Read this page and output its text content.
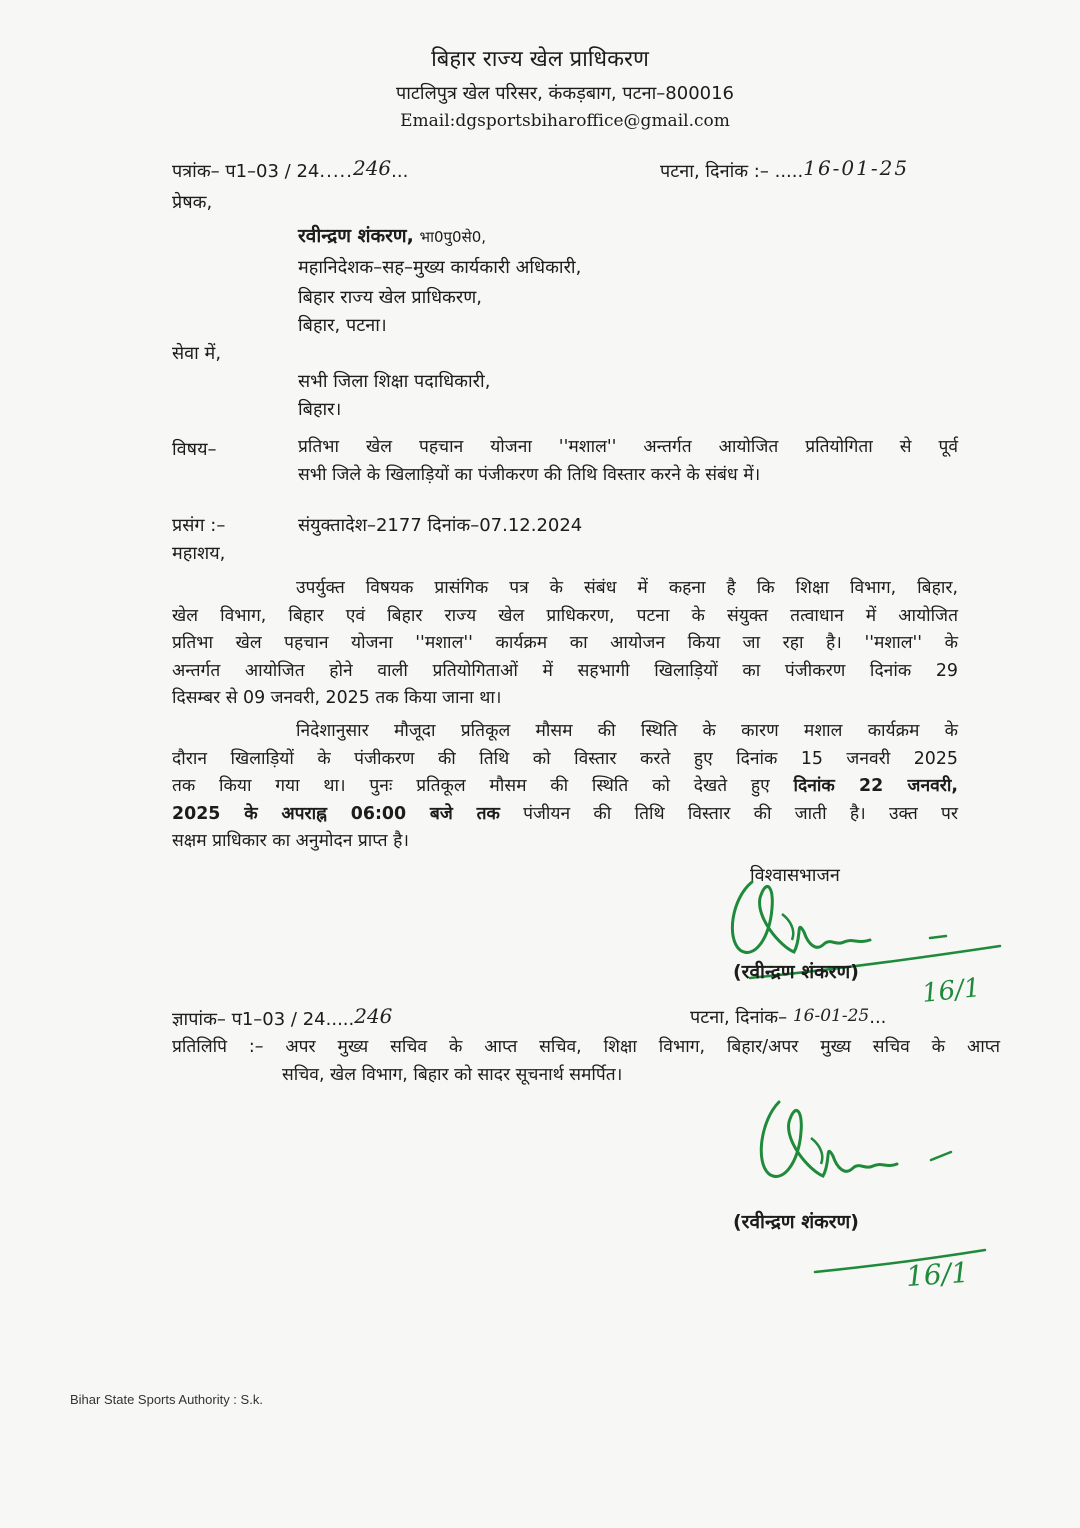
बिहार राज्य खेल प्राधिकरण
पाटलिपुत्र खेल परिसर, कंकड़बाग, पटना–800016
Email:dgsportsbiharoffice@gmail.com
पत्रांक– प1–03 / 24.....246...	पटना, दिनांक :– .....16-01-25
प्रेषक,
रवीन्द्रण शंकरण, भा0पु0से0,
महानिदेशक–सह–मुख्य कार्यकारी अधिकारी,
बिहार राज्य खेल प्राधिकरण,
बिहार, पटना।
सेवा में,
सभी जिला शिक्षा पदाधिकारी,
बिहार।
विषय–	प्रतिभा खेल पहचान योजना ''मशाल'' अन्तर्गत आयोजित प्रतियोगिता से पूर्व
सभी जिले के खिलाड़ियों का पंजीकरण की तिथि विस्तार करने के संबंध में।
प्रसंग :–	संयुक्तादेश–2177 दिनांक–07.12.2024
महाशय,
उपर्युक्त विषयक प्रासंगिक पत्र के संबंध में कहना है कि शिक्षा विभाग, बिहार,
खेल विभाग, बिहार एवं बिहार राज्य खेल प्राधिकरण, पटना के संयुक्त तत्वाधान में आयोजित
प्रतिभा खेल पहचान योजना ''मशाल'' कार्यक्रम का आयोजन किया जा रहा है। ''मशाल'' के
अन्तर्गत आयोजित होने वाली प्रतियोगिताओं में सहभागी खिलाड़ियों का पंजीकरण दिनांक 29
दिसम्बर से 09 जनवरी, 2025 तक किया जाना था।
निदेशानुसार मौजूदा प्रतिकूल मौसम की स्थिति के कारण मशाल कार्यक्रम के
दौरान खिलाड़ियों के पंजीकरण की तिथि को विस्तार करते हुए दिनांक 15 जनवरी 2025
तक किया गया था। पुनः प्रतिकूल मौसम की स्थिति को देखते हुए दिनांक 22 जनवरी,
2025 के अपराह्न 06:00 बजे तक पंजीयन की तिथि विस्तार की जाती है। उक्त पर
सक्षम प्राधिकार का अनुमोदन प्राप्त है।
विश्वासभाजन
(रवीन्द्रण शंकरण)
16/1
ज्ञापांक– प1–03 / 24.....246	पटना, दिनांक– 16-01-25...
प्रतिलिपि :– अपर मुख्य सचिव के आप्त सचिव, शिक्षा विभाग, बिहार/अपर मुख्य सचिव के आप्त
सचिव, खेल विभाग, बिहार को सादर सूचनार्थ समर्पित।
(रवीन्द्रण शंकरण)
16/1
Bihar State Sports Authority : S.k.
